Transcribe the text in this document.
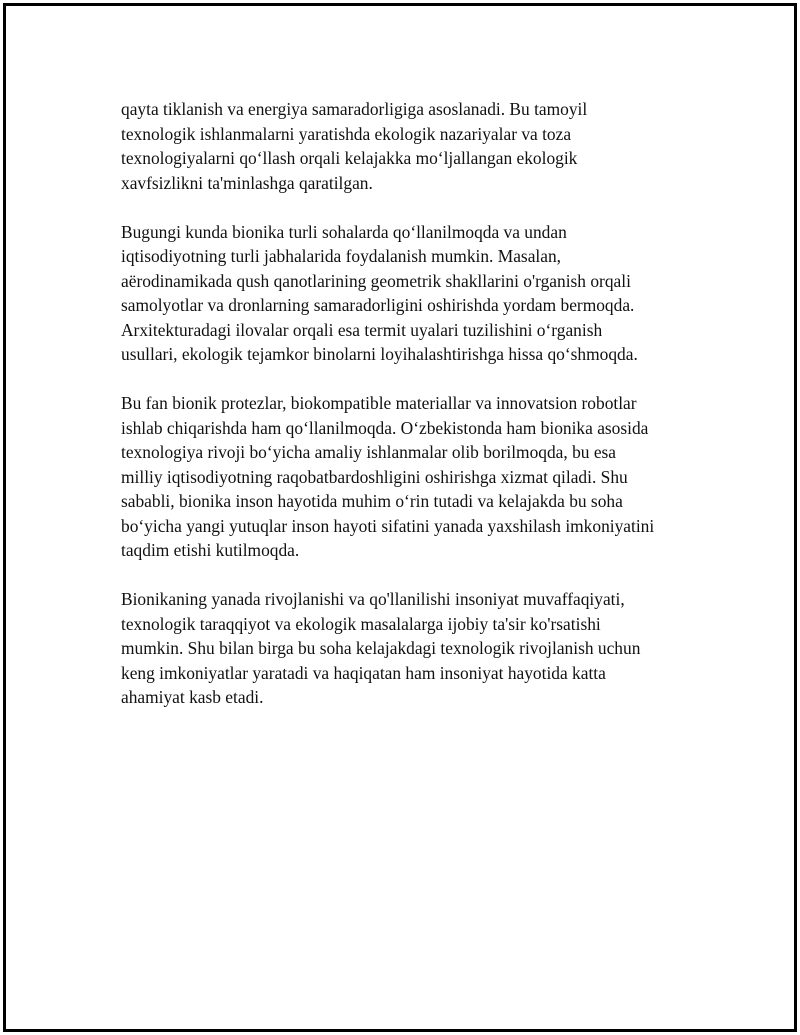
qayta tiklanish va energiya samaradorligiga asoslanadi. Bu tamoyil
texnologik ishlanmalarni yaratishda ekologik nazariyalar va toza
texnologiyalarni qo‘llash orqali kelajakka mo‘ljallangan ekologik
xavfsizlikni ta'minlashga qaratilgan.

Bugungi kunda bionika turli sohalarda qo‘llanilmoqda va undan
iqtisodiyotning turli jabhalarida foydalanish mumkin. Masalan,
aërodinamikada qush qanotlarining geometrik shakllarini o'rganish orqali
samolyotlar va dronlarning samaradorligini oshirishda yordam bermoqda.
Arxitekturadagi ilovalar orqali esa termit uyalari tuzilishini o‘rganish
usullari, ekologik tejamkor binolarni loyihalashtirishga hissa qo‘shmoqda.

Bu fan bionik protezlar, biokompatible materiallar va innovatsion robotlar
ishlab chiqarishda ham qo‘llanilmoqda. O‘zbekistonda ham bionika asosida
texnologiya rivoji bo‘yicha amaliy ishlanmalar olib borilmoqda, bu esa
milliy iqtisodiyotning raqobatbardoshligini oshirishga xizmat qiladi. Shu
sababli, bionika inson hayotida muhim o‘rin tutadi va kelajakda bu soha
bo‘yicha yangi yutuqlar inson hayoti sifatini yanada yaxshilash imkoniyatini
taqdim etishi kutilmoqda.

Bionikaning yanada rivojlanishi va qo'llanilishi insoniyat muvaffaqiyati,
texnologik taraqqiyot va ekologik masalalarga ijobiy ta'sir ko'rsatishi
mumkin. Shu bilan birga bu soha kelajakdagi texnologik rivojlanish uchun
keng imkoniyatlar yaratadi va haqiqatan ham insoniyat hayotida katta
ahamiyat kasb etadi.
